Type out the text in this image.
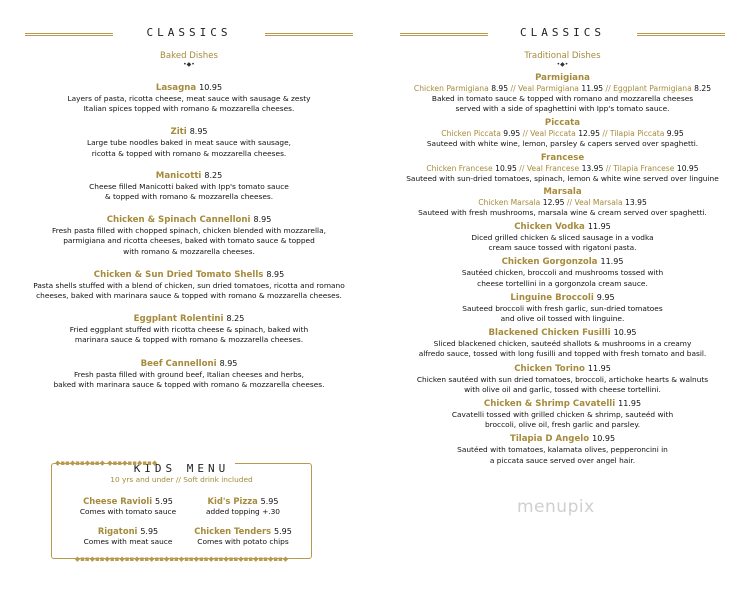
CLASSICS
Baked Dishes
•◆•
Lasagna 10.95
Layers of pasta, ricotta cheese, meat sauce with sausage & zesty
Italian spices topped with romano & mozzarella cheeses.
Ziti 8.95
Large tube noodles baked in meat sauce with sausage,
ricotta & topped with romano & mozzarella cheeses.
Manicotti 8.25
Cheese filled Manicotti baked with Ipp's tomato sauce
& topped with romano & mozzarella cheeses.
Chicken & Spinach Cannelloni 8.95
Fresh pasta filled with chopped spinach, chicken blended with mozzarella,
parmigiana and ricotta cheeses, baked with tomato sauce & topped
with romano & mozzarella cheeses.
Chicken & Sun Dried Tomato Shells 8.95
Pasta shells stuffed with a blend of chicken, sun dried tomatoes, ricotta and romano
cheeses, baked with marinara sauce & topped with romano & mozzarella cheeses.
Eggplant Rolentini 8.25
Fried eggplant stuffed with ricotta cheese & spinach, baked with
marinara sauce & topped with romano & mozzarella cheeses.
Beef Cannelloni 8.95
Fresh pasta filled with ground beef, Italian cheeses and herbs,
baked with marinara sauce & topped with romano & mozzarella cheeses.
KIDS MENU
10 yrs and under // Soft drink included
Cheese Ravioli 5.95
Comes with tomato sauce
Kid's Pizza 5.95
added topping +.30
Rigatoni 5.95
Comes with meat sauce
Chicken Tenders 5.95
Comes with potato chips
◆▪▪◆▪▪◆▪▪◆ ◆▪▪◆▪▪◆▪▪◆
◆▪▪◆▪▪◆▪▪◆▪▪◆▪▪◆▪▪◆▪▪◆▪▪◆▪▪◆▪▪◆▪▪◆▪▪◆▪▪◆▪▪◆
CLASSICS
Traditional Dishes
•◆•
Parmigiana
Chicken Parmigiana 8.95 // Veal Parmigiana 11.95 // Eggplant Parmigiana 8.25
Baked in tomato sauce & topped with romano and mozzarella cheeses
served with a side of spaghettini with Ipp's tomato sauce.
Piccata
Chicken Piccata 9.95 // Veal Piccata 12.95 // Tilapia Piccata 9.95
Sauteed with white wine, lemon, parsley & capers served over spaghetti.
Francese
Chicken Francese 10.95 // Veal Francese 13.95 // Tilapia Francese 10.95
Sauteed with sun-dried tomatoes, spinach, lemon & white wine served over linguine
Marsala
Chicken Marsala 12.95 // Veal Marsala 13.95
Sauteed with fresh mushrooms, marsala wine & cream served over spaghetti.
Chicken Vodka 11.95
Diced grilled chicken & sliced sausage in a vodka
cream sauce tossed with rigatoni pasta.
Chicken Gorgonzola 11.95
Sautéed chicken, broccoli and mushrooms tossed with
cheese tortellini in a gorgonzola cream sauce.
Linguine Broccoli 9.95
Sauteed broccoli with fresh garlic, sun-dried tomatoes
and olive oil tossed with linguine.
Blackened Chicken Fusilli 10.95
Sliced blackened chicken, sauteéd shallots & mushrooms in a creamy
alfredo sauce, tossed with long fusilli and topped with fresh tomato and basil.
Chicken Torino 11.95
Chicken sautéed with sun dried tomatoes, broccoli, artichoke hearts & walnuts
with olive oil and garlic, tossed with cheese tortellini.
Chicken & Shrimp Cavatelli 11.95
Cavatelli tossed with grilled chicken & shrimp, sauteéd with
broccoli, olive oil, fresh garlic and parsley.
Tilapia D Angelo 10.95
Sautéed with tomatoes, kalamata olives, pepperoncini in
a piccata sauce served over angel hair.
menupix
